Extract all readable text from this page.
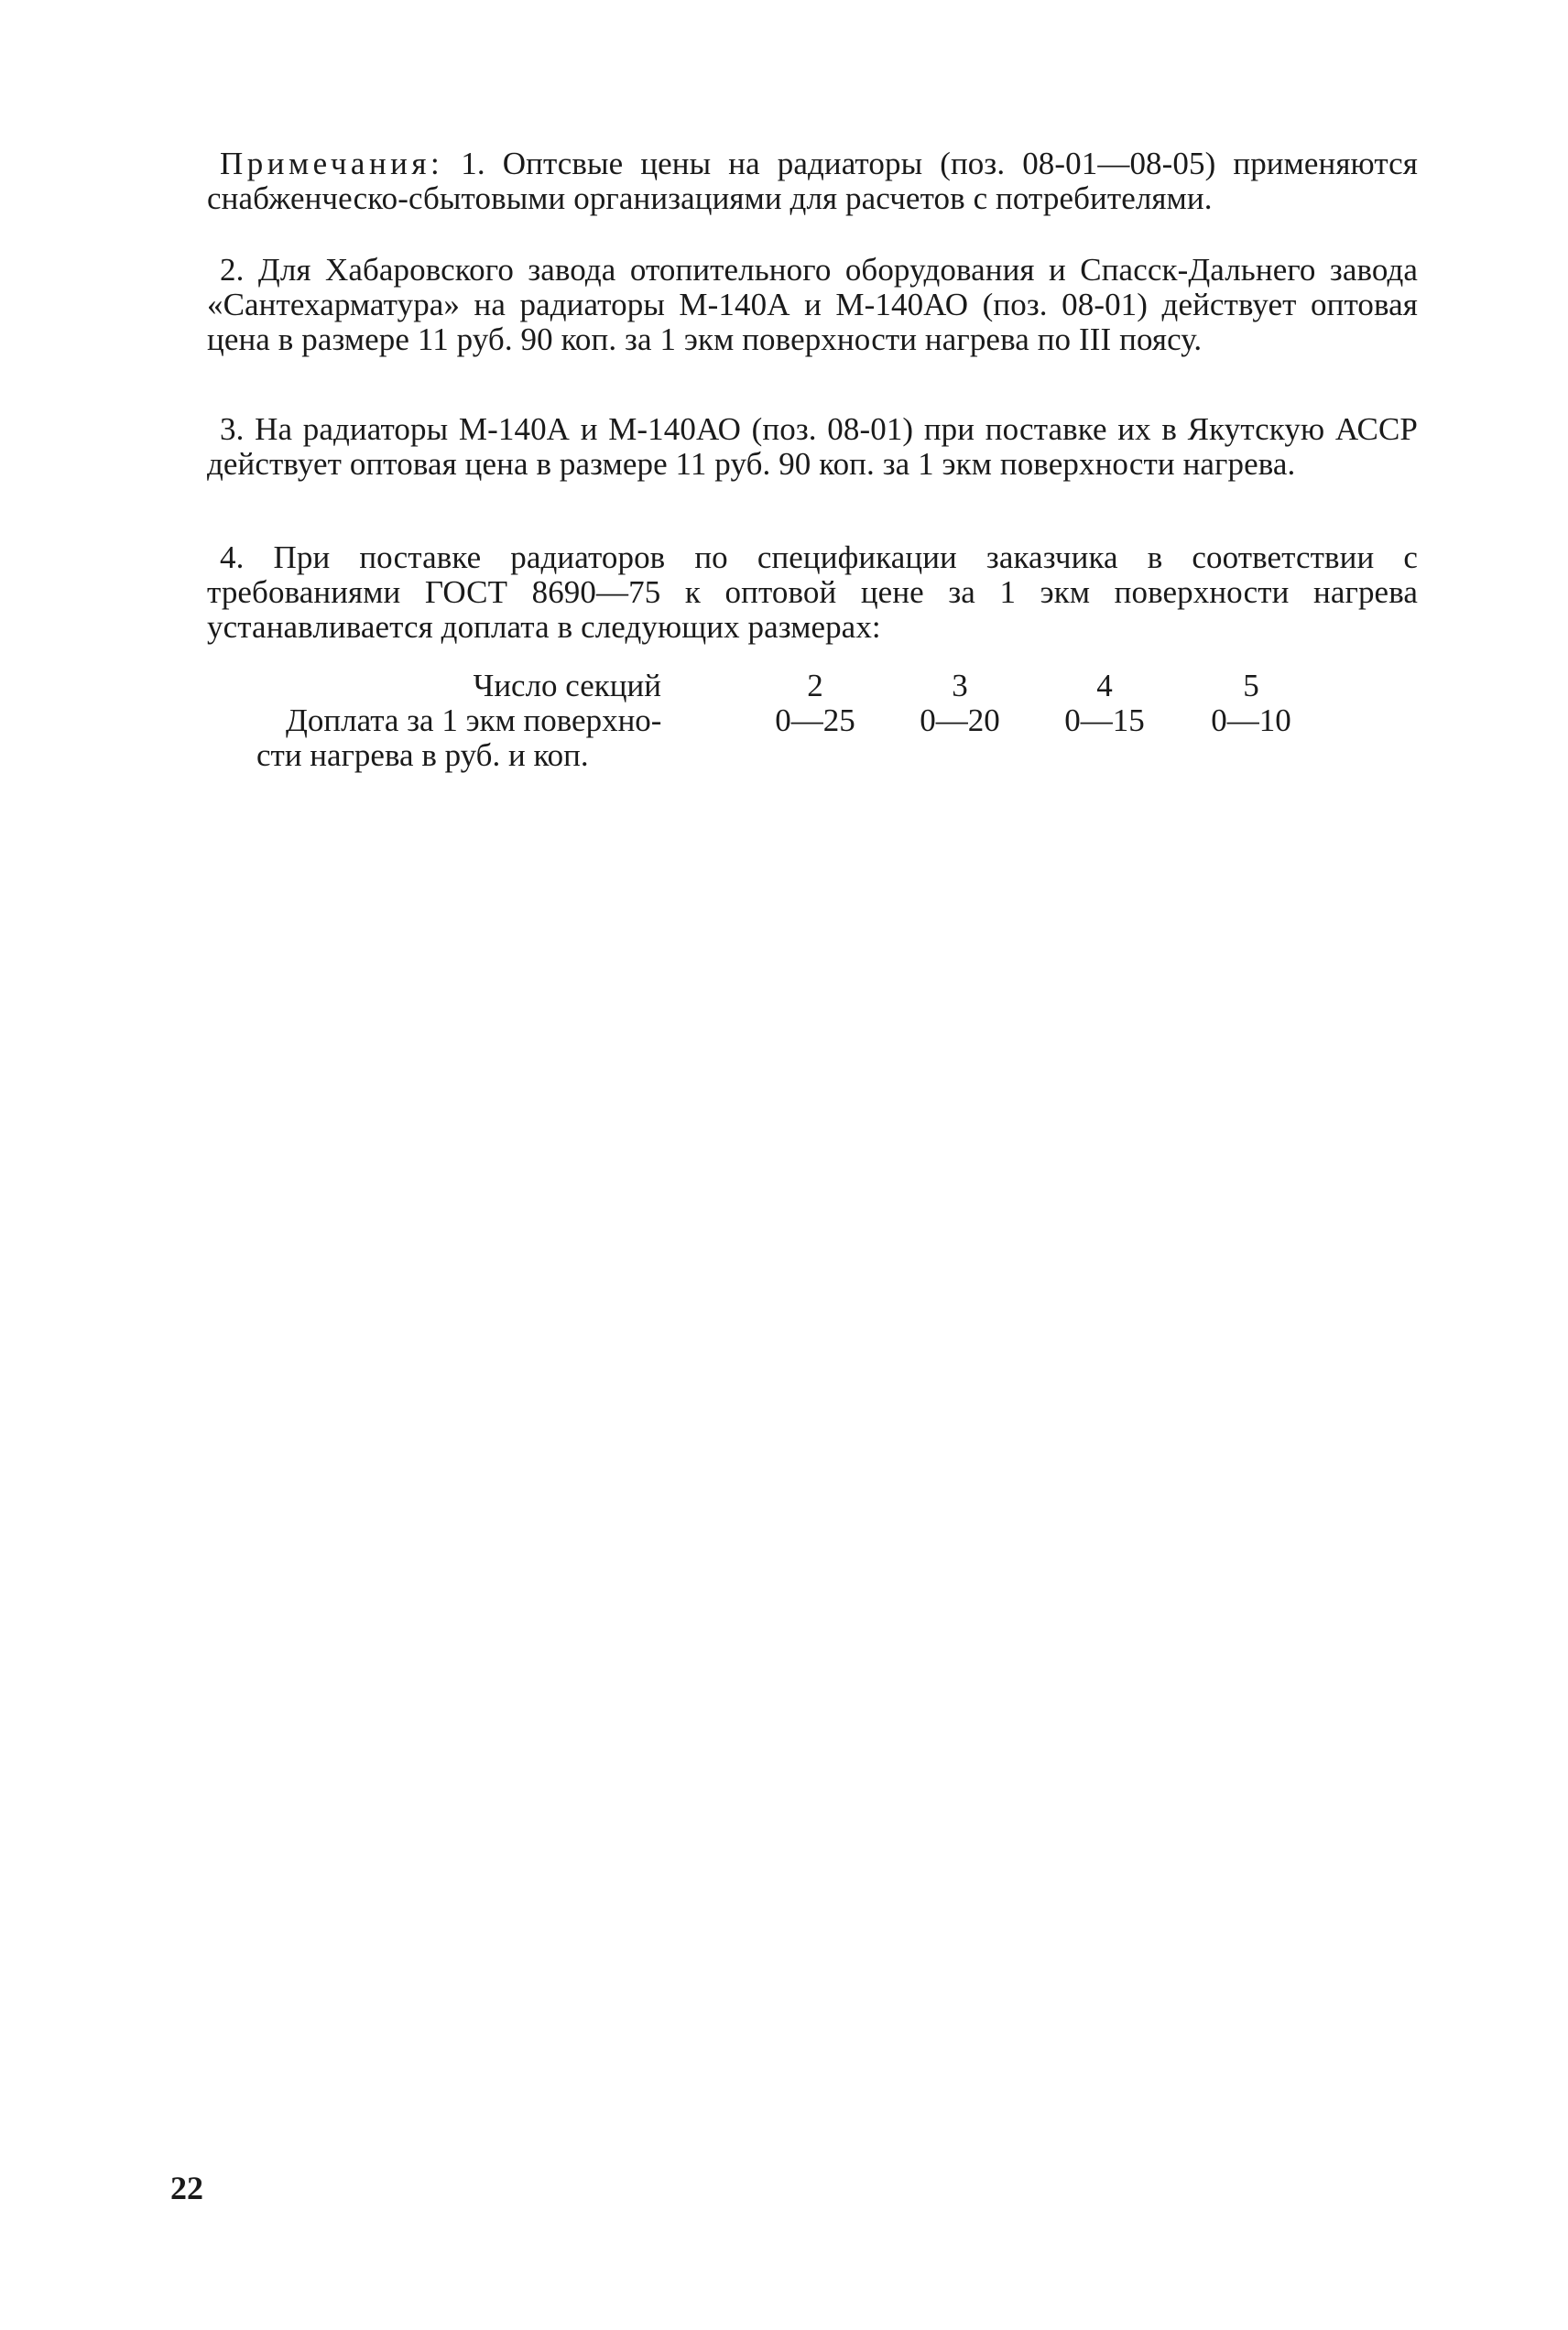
Примечания: 1. Оптсвые цены на радиаторы (поз. 08-01—08-05) применяются снабженческо-сбытовыми организациями для расчетов с потребителями.

2. Для Хабаровского завода отопительного оборудования и Спасск-Дальнего завода «Сантехарматура» на радиаторы М-140А и М-140АО (поз. 08-01) действует оптовая цена в размере 11 руб. 90 коп. за 1 экм поверхности нагрева по III поясу.

3. На радиаторы М-140А и М-140АО (поз. 08-01) при поставке их в Якутскую АССР действует оптовая цена в размере 11 руб. 90 коп. за 1 экм поверхности нагрева.

4. При поставке радиаторов по спецификации заказчика в соответствии с требованиями ГОСТ 8690—75 к оптовой цене за 1 экм поверхности нагрева устанавливается доплата в следующих размерах:

Число секций	2	3	4	5
Доплата за 1 экм поверхно-	0—25	0—20	0—15	0—10
сти нагрева в руб. и коп.
22
